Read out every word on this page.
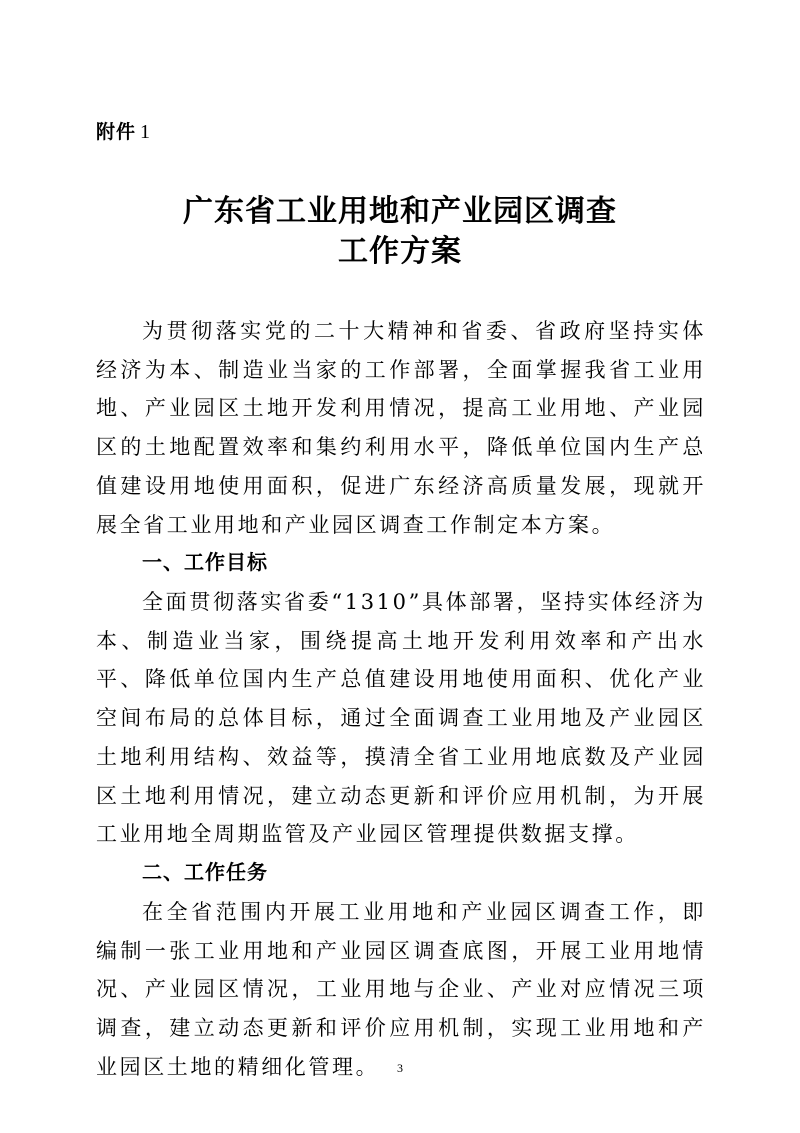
附件 1
广东省工业用地和产业园区调查
工作方案

为贯彻落实党的二十大精神和省委、省政府坚持实体经济为本、制造业当家的工作部署，全面掌握我省工业用地、产业园区土地开发利用情况，提高工业用地、产业园区的土地配置效率和集约利用水平，降低单位国内生产总值建设用地使用面积，促进广东经济高质量发展，现就开展全省工业用地和产业园区调查工作制定本方案。

一、工作目标

全面贯彻落实省委“1310”具体部署，坚持实体经济为本、制造业当家，围绕提高土地开发利用效率和产出水平、降低单位国内生产总值建设用地使用面积、优化产业空间布局的总体目标，通过全面调查工业用地及产业园区土地利用结构、效益等，摸清全省工业用地底数及产业园区土地利用情况，建立动态更新和评价应用机制，为开展工业用地全周期监管及产业园区管理提供数据支撑。

二、工作任务

在全省范围内开展工业用地和产业园区调查工作，即编制一张工业用地和产业园区调查底图，开展工业用地情况、产业园区情况，工业用地与企业、产业对应情况三项调查，建立动态更新和评价应用机制，实现工业用地和产业园区土地的精细化管理。	3
